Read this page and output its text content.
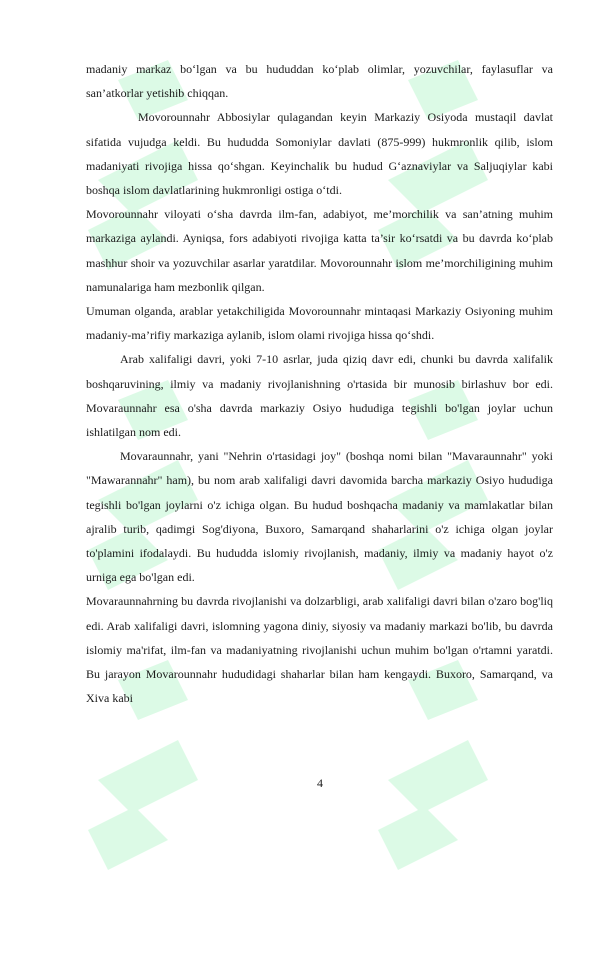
madaniy markaz bo‘lgan va bu hududdan ko‘plab olimlar, yozuvchilar, faylasuflar va san’atkorlar yetishib chiqqan.

Movorounnahr Abbosiylar qulagandan keyin Markaziy Osiyoda mustaqil davlat sifatida vujudga keldi. Bu hududda Somoniylar davlati (875-999) hukmronlik qilib, islom madaniyati rivojiga hissa qo‘shgan. Keyinchalik bu hudud G‘aznaviylar va Saljuqiylar kabi boshqa islom davlatlarining hukmronligi ostiga o‘tdi.

Movorounnahr viloyati o‘sha davrda ilm-fan, adabiyot, me’morchilik va san’atning muhim markaziga aylandi. Ayniqsa, fors adabiyoti rivojiga katta ta’sir ko‘rsatdi va bu davrda ko‘plab mashhur shoir va yozuvchilar asarlar yaratdilar. Movorounnahr islom me’morchiligining muhim namunalariga ham mezbonlik qilgan.

Umuman olganda, arablar yetakchiligida Movorounnahr mintaqasi Markaziy Osiyoning muhim madaniy-ma’rifiy markaziga aylanib, islom olami rivojiga hissa qo‘shdi.

Arab xalifaligi davri, yoki 7-10 asrlar, juda qiziq davr edi, chunki bu davrda xalifalik boshqaruvining, ilmiy va madaniy rivojlanishning o'rtasida bir munosib birlashuv bor edi. Movaraunnahr esa o'sha davrda markaziy Osiyo hududiga tegishli bo'lgan joylar uchun ishlatilgan nom edi.

Movaraunnahr, yani "Nehrin o'rtasidagi joy" (boshqa nomi bilan "Mavaraunnahr" yoki "Mawarannahr" ham), bu nom arab xalifaligi davri davomida barcha markaziy Osiyo hududiga tegishli bo'lgan joylarni o'z ichiga olgan. Bu hudud boshqacha madaniy va mamlakatlar bilan ajralib turib, qadimgi Sog'diyona, Buxoro, Samarqand shaharlarini o'z ichiga olgan joylar to'plamini ifodalaydi. Bu hududda islomiy rivojlanish, madaniy, ilmiy va madaniy hayot o'z urniga ega bo'lgan edi.

Movaraunnahrning bu davrda rivojlanishi va dolzarbligi, arab xalifaligi davri bilan o'zaro bog'liq edi. Arab xalifaligi davri, islomning yagona diniy, siyosiy va madaniy markazi bo'lib, bu davrda islomiy ma'rifat, ilm-fan va madaniyatning rivojlanishi uchun muhim bo'lgan o'rtamni yaratdi. Bu jarayon Movarounnahr hududidagi shaharlar bilan ham kengaydi. Buxoro, Samarqand, va Xiva kabi

4
